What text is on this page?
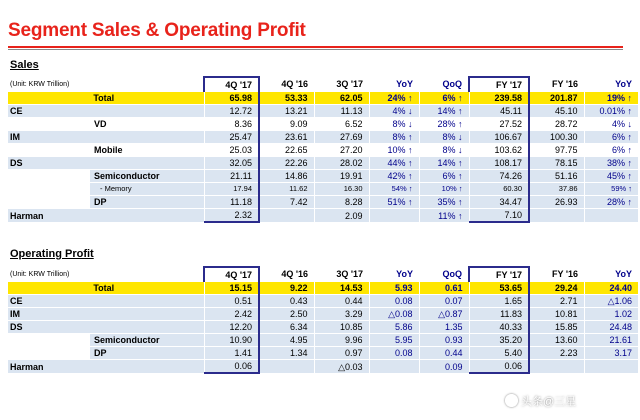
Segment Sales & Operating Profit
Sales
(Unit: KRW Trillion)		4Q '17	4Q '16	3Q '17	YoY	QoQ	FY '17	FY '16	YoY
Total		65.98	53.33	62.05	24% ↑	6% ↑	239.58	201.87	19% ↑
CE		12.72	13.21	11.13	4% ↓	14% ↑	45.11	45.10	0.01% ↑
	VD	8.36	9.09	6.52	8% ↓	28% ↑	27.52	28.72	4% ↓
IM		25.47	23.61	27.69	8% ↑	8% ↓	106.67	100.30	6% ↑
	Mobile	25.03	22.65	27.20	10% ↑	8% ↓	103.62	97.75	6% ↑
DS		32.05	22.26	28.02	44% ↑	14% ↑	108.17	78.15	38% ↑
	Semiconductor	21.11	14.86	19.91	42% ↑	6% ↑	74.26	51.16	45% ↑
	- Memory	17.94	11.62	16.30	54% ↑	10% ↑	60.30	37.86	59% ↑
	DP	11.18	7.42	8.28	51% ↑	35% ↑	34.47	26.93	28% ↑
Harman		2.32		2.09		11% ↑	7.10		
Operating Profit
(Unit: KRW Trillion)		4Q '17	4Q '16	3Q '17	YoY	QoQ	FY '17	FY '16	YoY
Total		15.15	9.22	14.53	5.93	0.61	53.65	29.24	24.40
CE		0.51	0.43	0.44	0.08	0.07	1.65	2.71	△1.06
IM		2.42	2.50	3.29	△0.08	△0.87	11.83	10.81	1.02
DS		12.20	6.34	10.85	5.86	1.35	40.33	15.85	24.48
	Semiconductor	10.90	4.95	9.96	5.95	0.93	35.20	13.60	21.61
	DP	1.41	1.34	0.97	0.08	0.44	5.40	2.23	3.17
Harman		0.06		△0.03		0.09	0.06		
头条@三星
